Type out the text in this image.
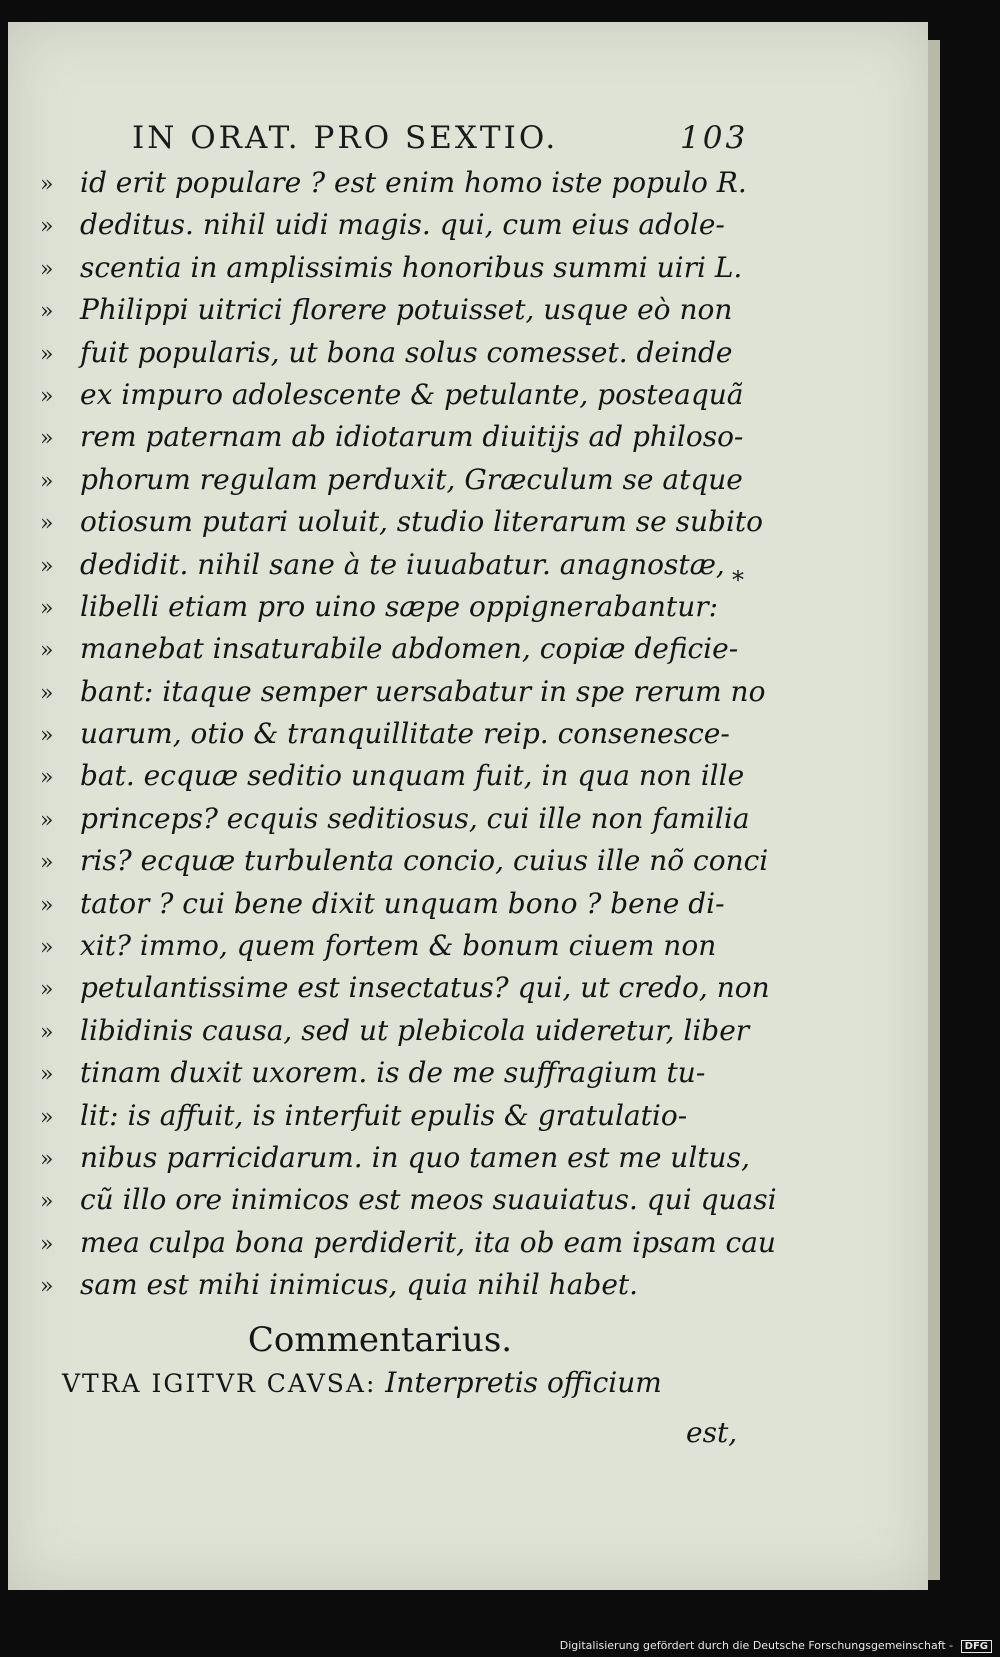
IN ORAT. PRO SEXTIO.	103
» id erit populare ? est enim homo iste populo R.
» deditus. nihil uidi magis. qui, cum eius adole-
» scentia in amplissimis honoribus summi uiri L.
» Philippi uitrici florere potuisset, usque eò non
» fuit popularis, ut bona solus comesset. deinde
» ex impuro adolescente & petulante, posteaquã
» rem paternam ab idiotarum diuitijs ad philoso-
» phorum regulam perduxit, Græculum se atque
» otiosum putari uoluit, studio literarum se subito
» dedidit. nihil sane à te iuuabatur. anagnostæ,
» libelli etiam pro uino sæpe oppignerabantur:
» manebat insaturabile abdomen, copiæ deficie-
» bant: itaque semper uersabatur in spe rerum no
» uarum, otio & tranquillitate reip. consenesce-
» bat. ecquæ seditio unquam fuit, in qua non ille
» princeps? ecquis seditiosus, cui ille non familia
» ris? ecquæ turbulenta concio, cuius ille nõ conci
» tator ? cui bene dixit unquam bono ? bene di-
» xit? immo, quem fortem & bonum ciuem non
» petulantissime est insectatus? qui, ut credo, non
» libidinis causa, sed ut plebicola uideretur, liber
» tinam duxit uxorem. is de me suffragium tu-
» lit: is affuit, is interfuit epulis & gratulatio-
» nibus parricidarum. in quo tamen est me ultus,
» cũ illo ore inimicos est meos suauiatus. qui quasi
» mea culpa bona perdiderit, ita ob eam ipsam cau
» sam est mihi inimicus, quia nihil habet.
*
Commentarius.
VTRA IGITVR CAVSA: Interpretis officium
est,
Digitalisierung gefördert durch die Deutsche Forschungsgemeinschaft - DFG
